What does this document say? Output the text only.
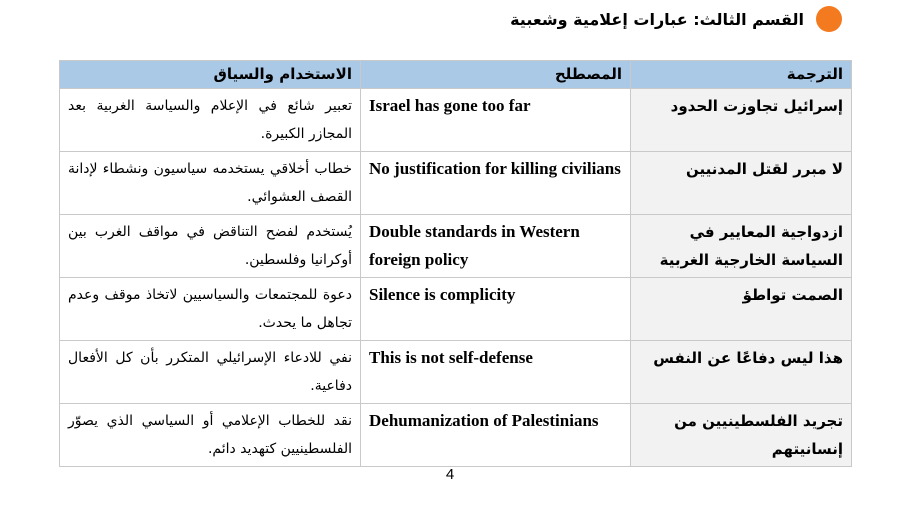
القسم الثالث: عبارات إعلامية وشعبية
الترجمة	المصطلح	الاستخدام والسياق
إسرائيل تجاوزت الحدود	Israel has gone too far	تعبير شائع في الإعلام والسياسة الغربية بعد المجازر الكبيرة.
لا مبرر لقتل المدنيين	No justification for killing civilians	خطاب أخلاقي يستخدمه سياسيون ونشطاء لإدانة القصف العشوائي.
ازدواجية المعايير في السياسة الخارجية الغربية	Double standards in Western foreign policy	يُستخدم لفضح التناقض في مواقف الغرب بين أوكرانيا وفلسطين.
الصمت تواطؤ	Silence is complicity	دعوة للمجتمعات والسياسيين لاتخاذ موقف وعدم تجاهل ما يحدث.
هذا ليس دفاعًا عن النفس	This is not self-defense	نفي للادعاء الإسرائيلي المتكرر بأن كل الأفعال دفاعية.
تجريد الفلسطينيين من إنسانيتهم	Dehumanization of Palestinians	نقد للخطاب الإعلامي أو السياسي الذي يصوّر الفلسطينيين كتهديد دائم.
4
